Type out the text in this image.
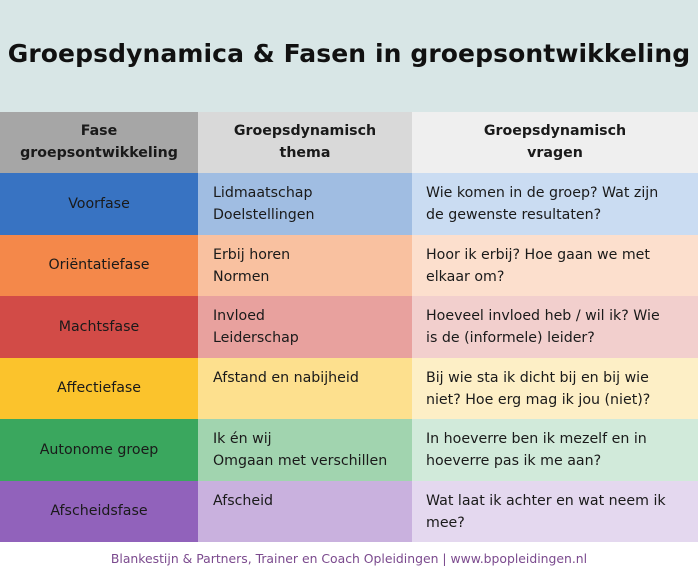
Groepsdynamica & Fasen in groepsontwikkeling
Fase
groepsontwikkeling
Groepsdynamisch
thema
Groepsdynamisch
vragen
Voorfase
Lidmaatschap
Doelstellingen
Wie komen in de groep? Wat zijn
de gewenste resultaten?
Oriëntatiefase
Erbij horen
Normen
Hoor ik erbij? Hoe gaan we met
elkaar om?
Machtsfase
Invloed
Leiderschap
Hoeveel invloed heb / wil ik? Wie
is de (informele) leider?
Affectiefase
Afstand en nabijheid	Bij wie sta ik dicht bij en bij wie
niet? Hoe erg mag ik jou (niet)?
Autonome groep
Ik én wij
Omgaan met verschillen
In hoeverre ben ik mezelf en in
hoeverre pas ik me aan?
Afscheidsfase
Afscheid	Wat laat ik achter en wat neem ik
mee?
Blankestijn & Partners, Trainer en Coach Opleidingen | www.bpopleidingen.nl
